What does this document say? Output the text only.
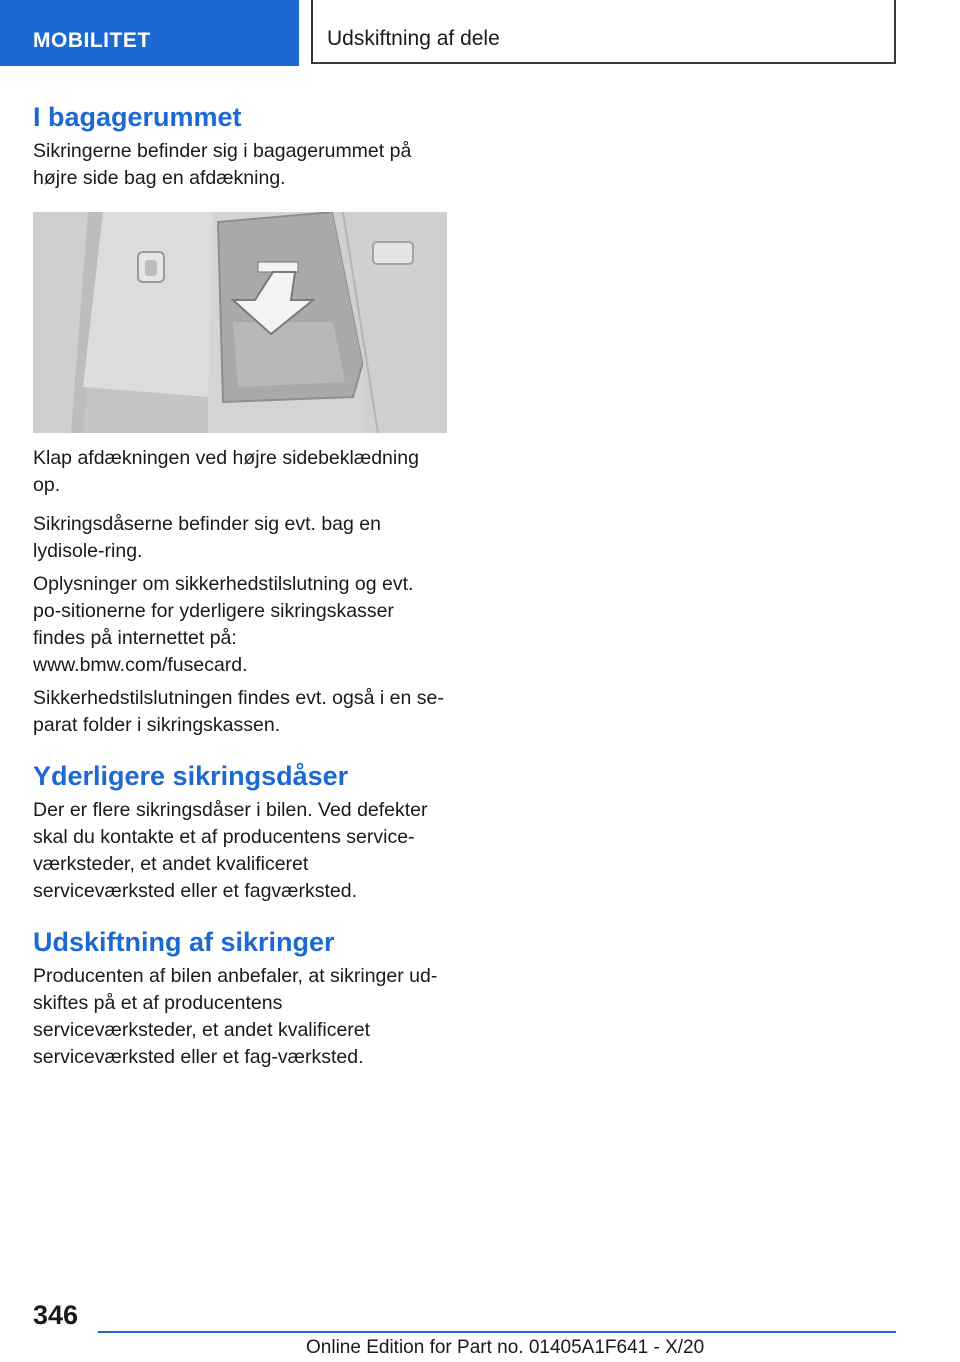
MOBILITET	Udskiftning af dele
I bagagerummet

Sikringerne befinder sig i bagagerummet på højre side bag en afdækning.

Klap afdækningen ved højre sidebeklædning op.

Sikringsdåserne befinder sig evt. bag en lydisole-ring.

Oplysninger om sikkerhedstilslutning og evt. po-sitionerne for yderligere sikringskasser findes på internettet på: www.bmw.com/fusecard.

Sikkerhedstilslutningen findes evt. også i en se-parat folder i sikringskassen.

Yderligere sikringsdåser

Der er flere sikringsdåser i bilen. Ved defekter skal du kontakte et af producentens service-værksteder, et andet kvalificeret serviceværksted eller et fagværksted.

Udskiftning af sikringer

Producenten af bilen anbefaler, at sikringer ud-skiftes på et af producentens serviceværksteder, et andet kvalificeret serviceværksted eller et fag-værksted.

346
Online Edition for Part no. 01405A1F641 - X/20
